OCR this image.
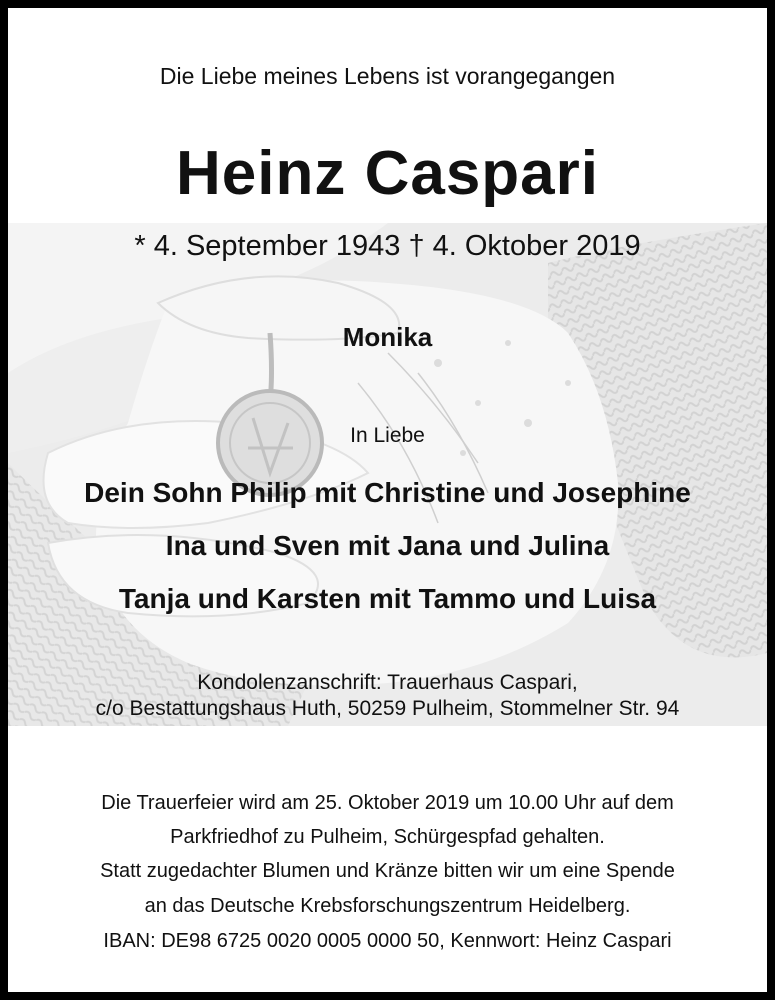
Die Liebe meines Lebens ist vorangegangen
Heinz Caspari
* 4. September 1943 † 4. Oktober 2019
Monika
In Liebe
Dein Sohn Philip mit Christine und Josephine
Ina und Sven mit Jana und Julina
Tanja und Karsten mit Tammo und Luisa
Kondolenzanschrift: Trauerhaus Caspari,
c/o Bestattungshaus Huth, 50259 Pulheim, Stommelner Str. 94
Die Trauerfeier wird am 25. Oktober 2019 um 10.00 Uhr auf dem
Parkfriedhof zu Pulheim, Schürgespfad gehalten.
Statt zugedachter Blumen und Kränze bitten wir um eine Spende
an das Deutsche Krebsforschungszentrum Heidelberg.
IBAN: DE98 6725 0020 0005 0000 50, Kennwort: Heinz Caspari
